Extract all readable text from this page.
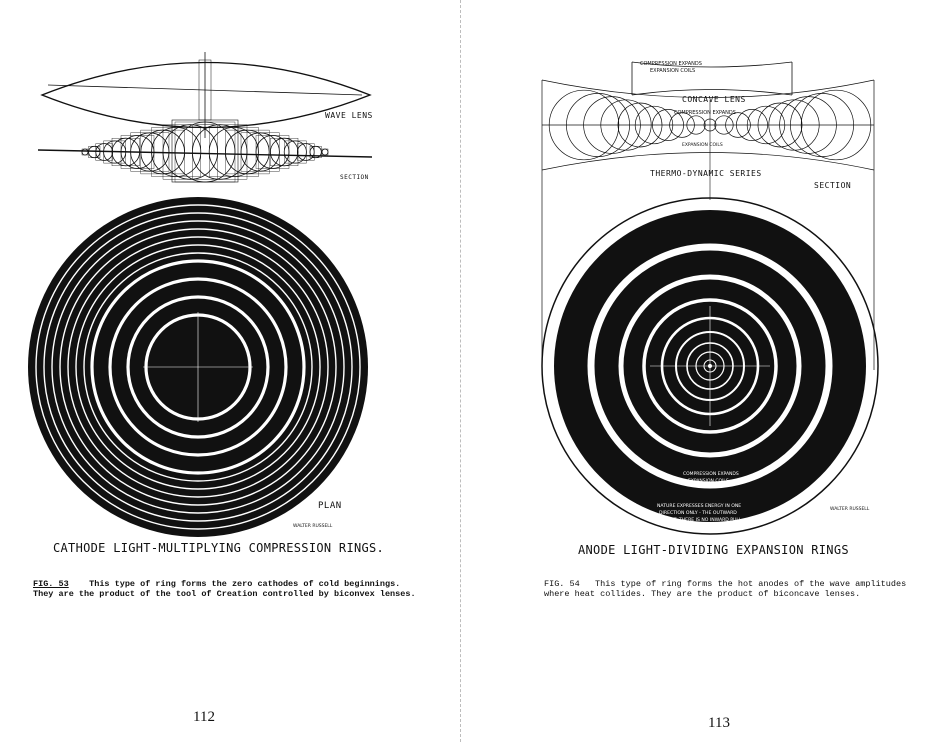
WAVE LENS
SECTION
PLAN
WALTER RUSSELL
CATHODE LIGHT-MULTIPLYING COMPRESSION RINGS.
FIG. 53 This type of ring forms the zero cathodes of cold beginnings.
They are the product of the tool of Creation controlled by biconvex lenses.
112
COMPRESSION EXPANDS
EXPANSION COILS
CONCAVE LENS
COMPRESSION EXPANDS
EXPANSION COILS
THERMO-DYNAMIC SERIES
SECTION
COMPRESSION EXPANDS
EXPANSION COILS
NATURE EXPRESSES ENERGY IN ONE
DIRECTION ONLY - THE OUTWARD
THRUST. THERE IS NO INWARD PULL
WALTER RUSSELL
ANODE LIGHT-DIVIDING EXPANSION RINGS
FIG. 54 This type of ring forms the hot anodes of the wave amplitudes
where heat collides. They are the product of biconcave lenses.
113
